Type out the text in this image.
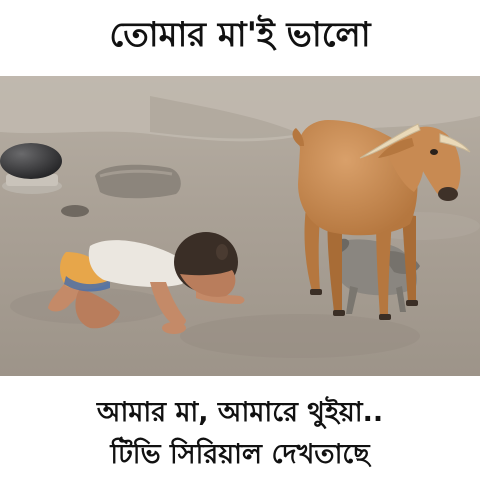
তোমার মা'ই ভালো
আমার মা, আমারে থুইয়া..
টিভি সিরিয়াল দেখতাছে
